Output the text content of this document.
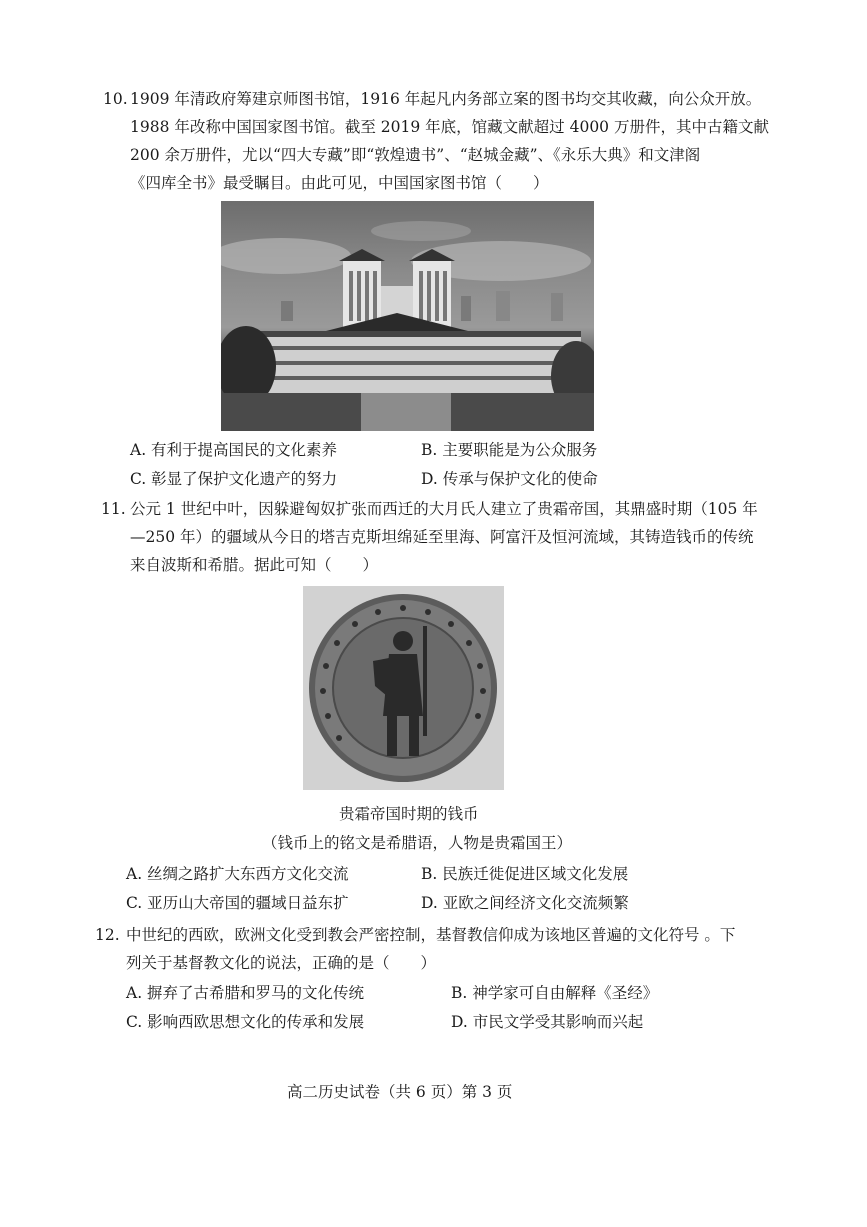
10. 1909 年清政府筹建京师图书馆，1916 年起凡内务部立案的图书均交其收藏，向公众开放。
1988 年改称中国国家图书馆。截至 2019 年底，馆藏文献超过 4000 万册件，其中古籍文献
200 余万册件，尤以“四大专藏”即“敦煌遗书”、“赵城金藏”、《永乐大典》和文津阁
《四库全书》最受瞩目。由此可见，中国国家图书馆（　　）
A. 有利于提高国民的文化素养	B. 主要职能是为公众服务
C. 彰显了保护文化遗产的努力	D. 传承与保护文化的使命
11. 公元 1 世纪中叶，因躲避匈奴扩张而西迁的大月氏人建立了贵霜帝国，其鼎盛时期（105 年
—250 年）的疆域从今日的塔吉克斯坦绵延至里海、阿富汗及恒河流域，其铸造钱币的传统
来自波斯和希腊。据此可知（　　）
贵霜帝国时期的钱币
（钱币上的铭文是希腊语，人物是贵霜国王）
A. 丝绸之路扩大东西方文化交流	B. 民族迁徙促进区域文化发展
C. 亚历山大帝国的疆域日益东扩	D. 亚欧之间经济文化交流频繁
12. 中世纪的西欧，欧洲文化受到教会严密控制，基督教信仰成为该地区普遍的文化符号 。下
列关于基督教文化的说法，正确的是（　　）
A. 摒弃了古希腊和罗马的文化传统	B. 神学家可自由解释《圣经》
C. 影响西欧思想文化的传承和发展	D. 市民文学受其影响而兴起
高二历史试卷（共 6 页）第 3 页
